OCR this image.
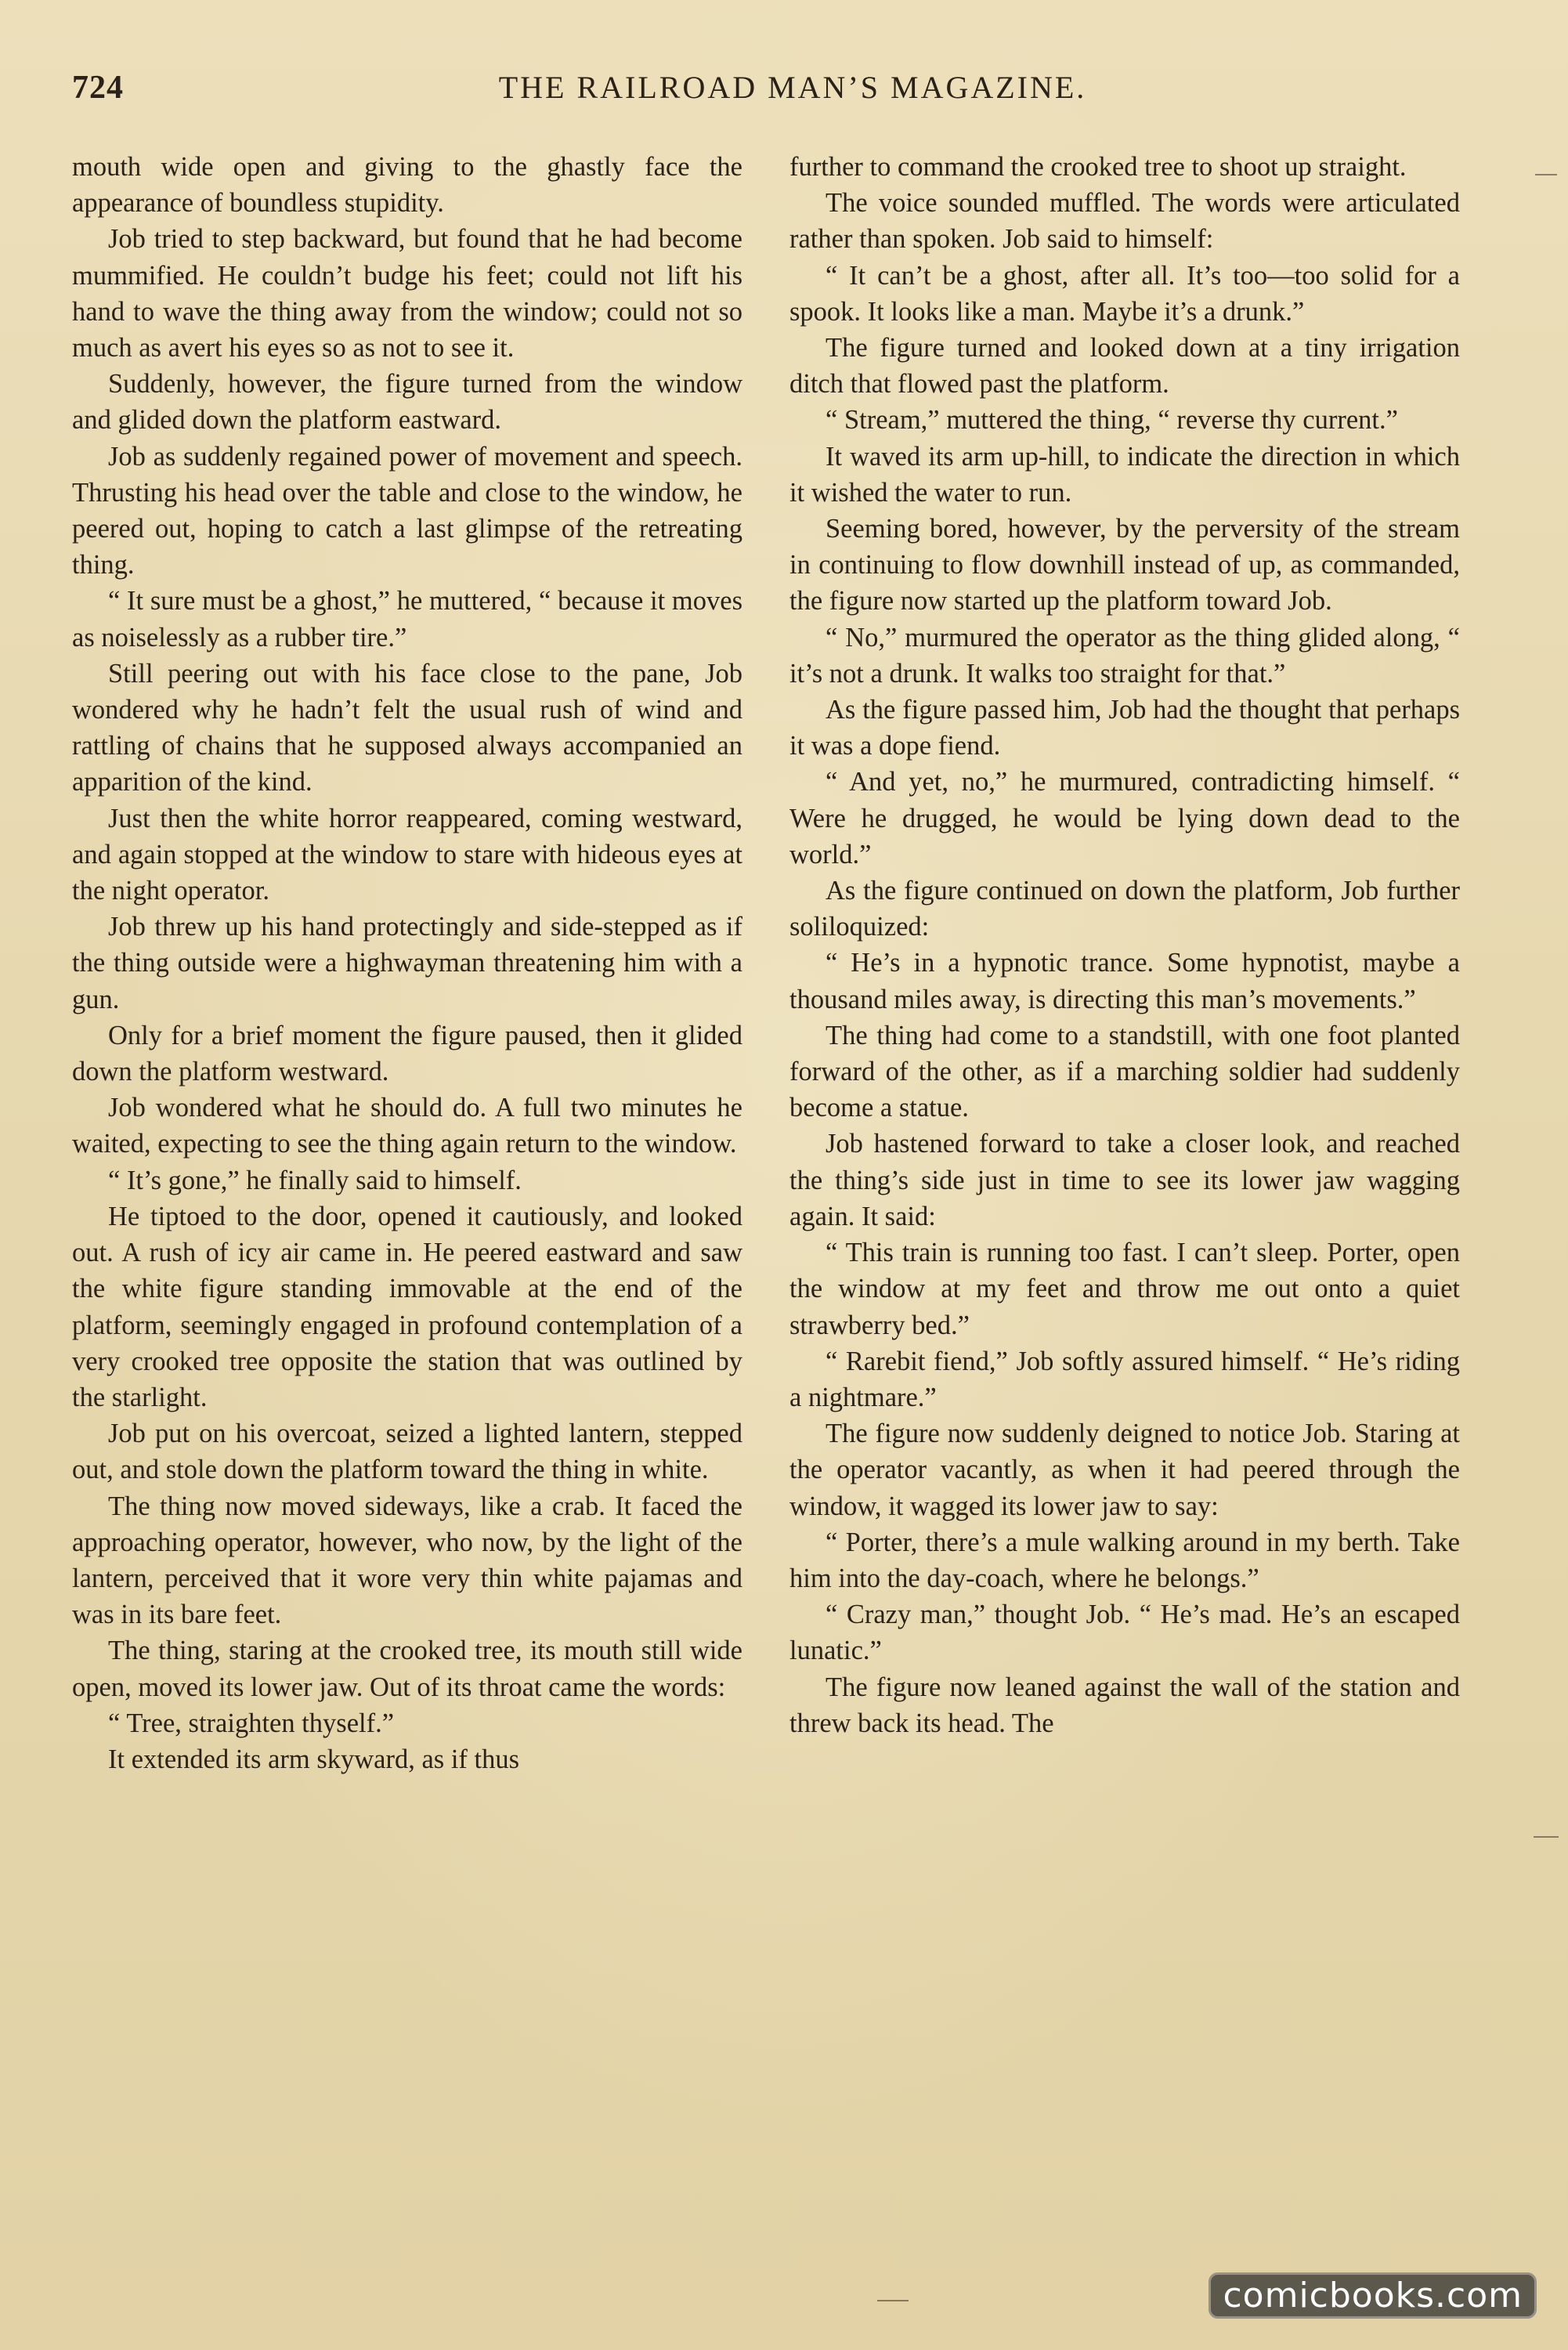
724	THE RAILROAD MAN’S MAGAZINE.

mouth wide open and giving to the ghastly face the appearance of boundless stupidity.

Job tried to step backward, but found that he had become mummified. He couldn’t budge his feet; could not lift his hand to wave the thing away from the window; could not so much as avert his eyes so as not to see it.

Suddenly, however, the figure turned from the window and glided down the platform eastward.

Job as suddenly regained power of movement and speech. Thrusting his head over the table and close to the window, he peered out, hoping to catch a last glimpse of the retreating thing.

“ It sure must be a ghost,” he muttered, “ because it moves as noiselessly as a rubber tire.”

Still peering out with his face close to the pane, Job wondered why he hadn’t felt the usual rush of wind and rattling of chains that he supposed always accompanied an apparition of the kind.

Just then the white horror reappeared, coming westward, and again stopped at the window to stare with hideous eyes at the night operator.

Job threw up his hand protectingly and side-stepped as if the thing outside were a highwayman threatening him with a gun.

Only for a brief moment the figure paused, then it glided down the platform westward.

Job wondered what he should do. A full two minutes he waited, expecting to see the thing again return to the window.

“ It’s gone,” he finally said to himself.

He tiptoed to the door, opened it cautiously, and looked out. A rush of icy air came in. He peered eastward and saw the white figure standing immovable at the end of the platform, seemingly engaged in profound contemplation of a very crooked tree opposite the station that was outlined by the starlight.

Job put on his overcoat, seized a lighted lantern, stepped out, and stole down the platform toward the thing in white.

The thing now moved sideways, like a crab. It faced the approaching operator, however, who now, by the light of the lantern, perceived that it wore very thin white pajamas and was in its bare feet.

The thing, staring at the crooked tree, its mouth still wide open, moved its lower jaw. Out of its throat came the words:

“ Tree, straighten thyself.”

It extended its arm skyward, as if thus

further to command the crooked tree to shoot up straight.

The voice sounded muffled. The words were articulated rather than spoken. Job said to himself:

“ It can’t be a ghost, after all. It’s too—too solid for a spook. It looks like a man. Maybe it’s a drunk.”

The figure turned and looked down at a tiny irrigation ditch that flowed past the platform.

“ Stream,” muttered the thing, “ reverse thy current.”

It waved its arm up-hill, to indicate the direction in which it wished the water to run.

Seeming bored, however, by the perversity of the stream in continuing to flow downhill instead of up, as commanded, the figure now started up the platform toward Job.

“ No,” murmured the operator as the thing glided along, “ it’s not a drunk. It walks too straight for that.”

As the figure passed him, Job had the thought that perhaps it was a dope fiend.

“ And yet, no,” he murmured, contradicting himself. “ Were he drugged, he would be lying down dead to the world.”

As the figure continued on down the platform, Job further soliloquized:

“ He’s in a hypnotic trance. Some hypnotist, maybe a thousand miles away, is directing this man’s movements.”

The thing had come to a standstill, with one foot planted forward of the other, as if a marching soldier had suddenly become a statue.

Job hastened forward to take a closer look, and reached the thing’s side just in time to see its lower jaw wagging again. It said:

“ This train is running too fast. I can’t sleep. Porter, open the window at my feet and throw me out onto a quiet strawberry bed.”

“ Rarebit fiend,” Job softly assured himself. “ He’s riding a nightmare.”

The figure now suddenly deigned to notice Job. Staring at the operator vacantly, as when it had peered through the window, it wagged its lower jaw to say:

“ Porter, there’s a mule walking around in my berth. Take him into the day-coach, where he belongs.”

“ Crazy man,” thought Job. “ He’s mad. He’s an escaped lunatic.”

The figure now leaned against the wall of the station and threw back its head. The

comicbooks.com
